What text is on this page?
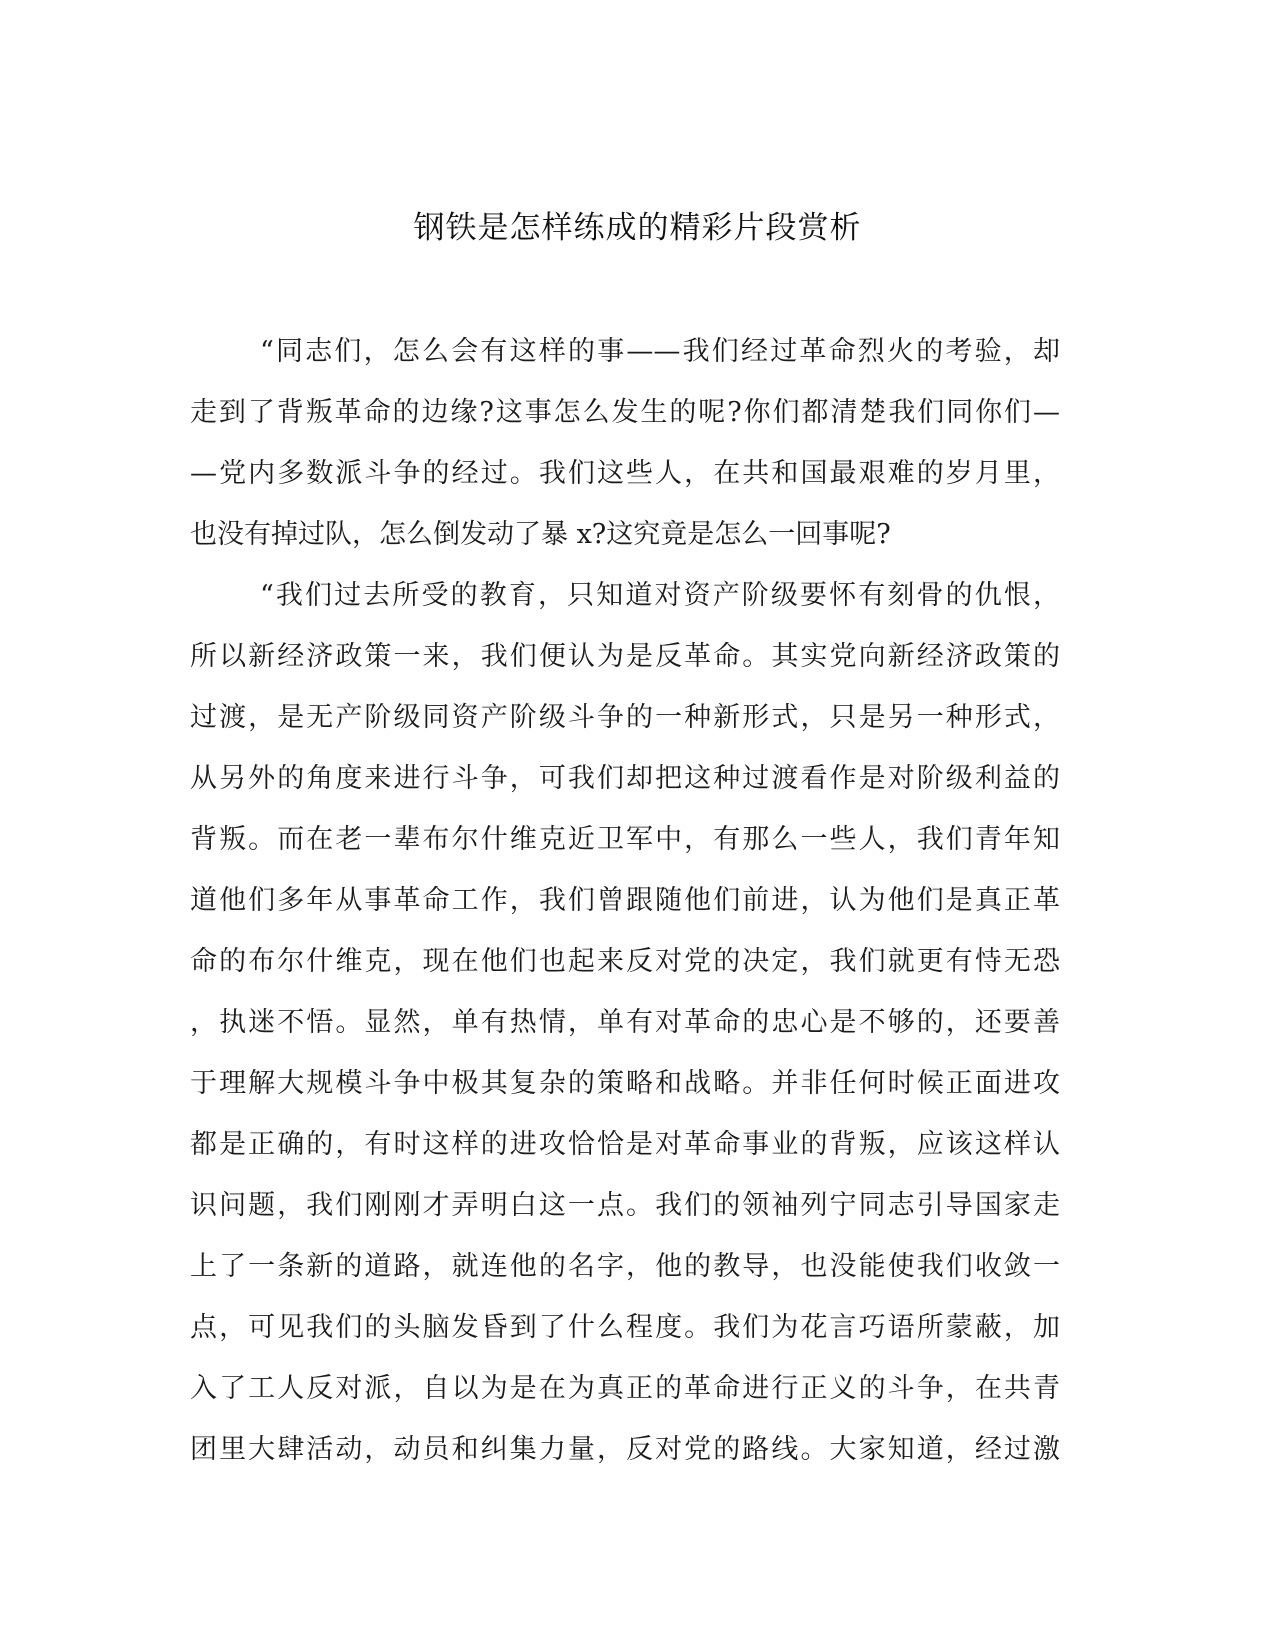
钢铁是怎样练成的精彩片段赏析
“同志们，怎么会有这样的事——我们经过革命烈火的考验，却
走到了背叛革命的边缘?这事怎么发生的呢?你们都清楚我们同你们—
—党内多数派斗争的经过。我们这些人，在共和国最艰难的岁月里，
也没有掉过队，怎么倒发动了暴 x?这究竟是怎么一回事呢?
“我们过去所受的教育，只知道对资产阶级要怀有刻骨的仇恨，
所以新经济政策一来，我们便认为是反革命。其实党向新经济政策的
过渡，是无产阶级同资产阶级斗争的一种新形式，只是另一种形式，
从另外的角度来进行斗争，可我们却把这种过渡看作是对阶级利益的
背叛。而在老一辈布尔什维克近卫军中，有那么一些人，我们青年知
道他们多年从事革命工作，我们曾跟随他们前进，认为他们是真正革
命的布尔什维克，现在他们也起来反对党的决定，我们就更有恃无恐
，执迷不悟。显然，单有热情，单有对革命的忠心是不够的，还要善
于理解大规模斗争中极其复杂的策略和战略。并非任何时候正面进攻
都是正确的，有时这样的进攻恰恰是对革命事业的背叛，应该这样认
识问题，我们刚刚才弄明白这一点。我们的领袖列宁同志引导国家走
上了一条新的道路，就连他的名字，他的教导，也没能使我们收敛一
点，可见我们的头脑发昏到了什么程度。我们为花言巧语所蒙蔽，加
入了工人反对派，自以为是在为真正的革命进行正义的斗争，在共青
团里大肆活动，动员和纠集力量，反对党的路线。大家知道，经过激
